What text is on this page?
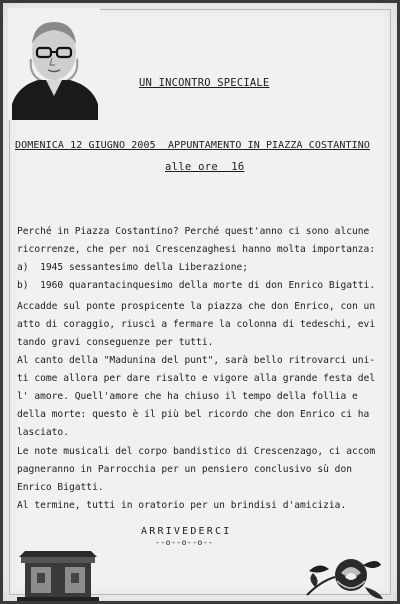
UN INCONTRO SPECIALE
DOMENICA 12 GIUGNO 2005  APPUNTAMENTO IN PIAZZA COSTANTINO
alle ore  16
Perché in Piazza Costantino? Perché quest'anno ci sono alcune
ricorrenze, che per noi Crescenzaghesi hanno molta importanza:
a)  1945 sessantesimo della Liberazione;
b)  1960 quarantacinquesimo della morte di don Enrico Bigatti.
Accadde sul ponte prospicente la piazza che don Enrico, con un
atto di coraggio, riuscì a fermare la colonna di tedeschi, evi
tando gravi conseguenze per tutti.
Al canto della "Madunina del punt", sarà bello ritrovarci uni-
ti come allora per dare risalto e vigore alla grande festa del
l' amore. Quell'amore che ha chiuso il tempo della follia e
della morte: questo è il più bel ricordo che don Enrico ci ha
lasciato.
Le note musicali del corpo bandistico di Crescenzago, ci accom
pagneranno in Parrocchia per un pensiero conclusivo sù don
Enrico Bigatti.
Al termine, tutti in oratorio per un brindisi d'amicizia.
ARRIVEDERCI
--o--o--o--
